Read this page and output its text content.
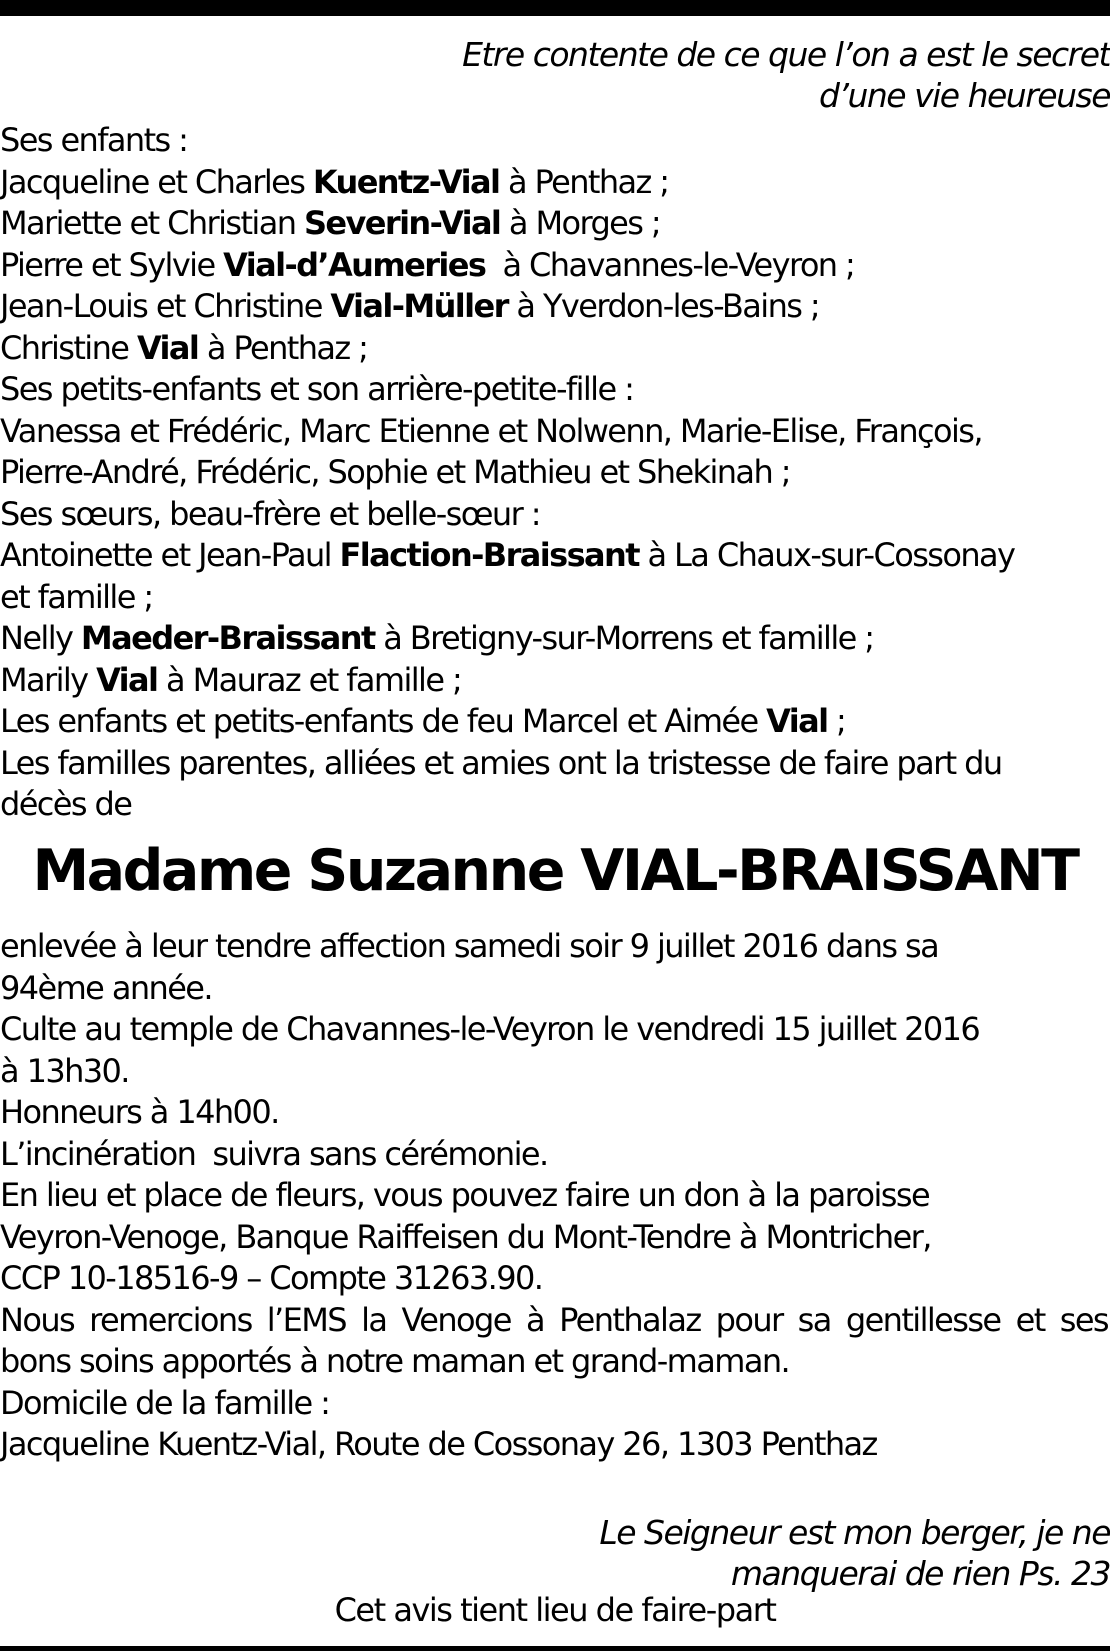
Etre contente de ce que l’on a est le secret
d’une vie heureuse
Ses enfants :
Jacqueline et Charles Kuentz-Vial à Penthaz ;
Mariette et Christian Severin-Vial à Morges ;
Pierre et Sylvie Vial-d’Aumeries  à Chavannes-le-Veyron ;
Jean-Louis et Christine Vial-Müller à Yverdon-les-Bains ;
Christine Vial à Penthaz ;
Ses petits-enfants et son arrière-petite-fille :
Vanessa et Frédéric, Marc Etienne et Nolwenn, Marie-Elise, François,
Pierre-André, Frédéric, Sophie et Mathieu et Shekinah ;
Ses sœurs, beau-frère et belle-sœur :
Antoinette et Jean-Paul Flaction-Braissant à La Chaux-sur-Cossonay
et famille ;
Nelly Maeder-Braissant à Bretigny-sur-Morrens et famille ;
Marily Vial à Mauraz et famille ;
Les enfants et petits-enfants de feu Marcel et Aimée Vial ;
Les familles parentes, alliées et amies ont la tristesse de faire part du
décès de
Madame Suzanne VIAL-BRAISSANT
enlevée à leur tendre affection samedi soir 9 juillet 2016 dans sa
94ème année.
Culte au temple de Chavannes-le-Veyron le vendredi 15 juillet 2016
à 13h30.
Honneurs à 14h00.
L’incinération  suivra sans cérémonie.
En lieu et place de fleurs, vous pouvez faire un don à la paroisse
Veyron-Venoge, Banque Raiffeisen du Mont-Tendre à Montricher,
CCP 10-18516-9 – Compte 31263.90.
Nous remercions l’EMS la Venoge à Penthalaz pour sa gentillesse et ses
bons soins apportés à notre maman et grand-maman.
Domicile de la famille :
Jacqueline Kuentz-Vial, Route de Cossonay 26, 1303 Penthaz
Le Seigneur est mon berger, je ne
manquerai de rien Ps. 23
Cet avis tient lieu de faire-part
